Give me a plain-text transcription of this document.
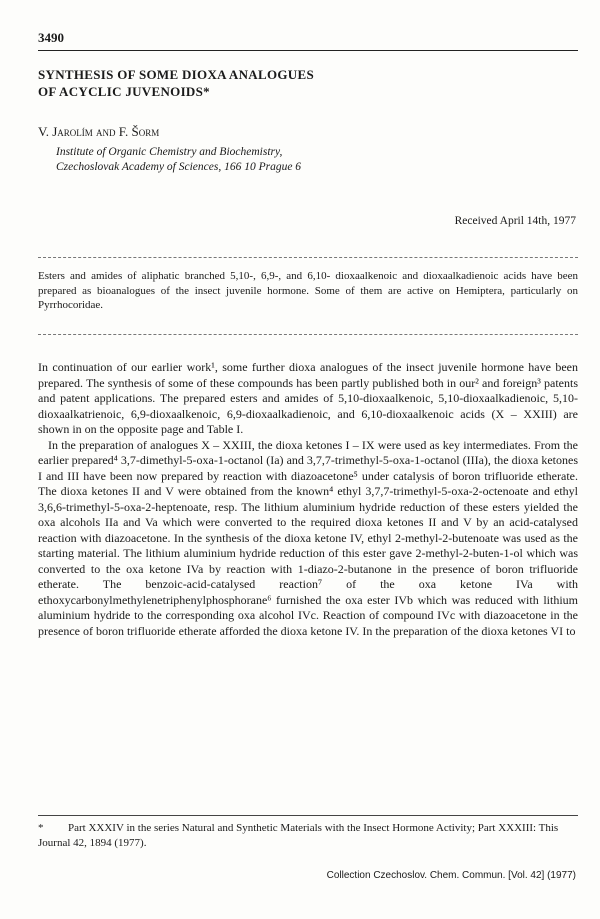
3490
SYNTHESIS OF SOME DIOXA ANALOGUES
OF ACYCLIC JUVENOIDS*
V. Jarolím and F. Šorm
Institute of Organic Chemistry and Biochemistry,
Czechoslovak Academy of Sciences, 166 10 Prague 6
Received April 14th, 1977
Esters and amides of aliphatic branched 5,10-, 6,9-, and 6,10- dioxaalkenoic and dioxaalkadienoic acids have been prepared as bioanalogues of the insect juvenile hormone. Some of them are active on Hemiptera, particularly on Pyrrhocoridae.

In continuation of our earlier work¹, some further dioxa analogues of the insect juvenile hormone have been prepared. The synthesis of some of these compounds has been partly published both in our² and foreign³ patents and patent applications. The prepared esters and amides of 5,10-dioxaalkenoic, 5,10-dioxaalkadienoic, 5,10-dioxaalkatrienoic, 6,9-dioxaalkenoic, 6,9-dioxaalkadienoic, and 6,10-dioxaalkenoic acids (X – XXIII) are shown in on the opposite page and Table I.

In the preparation of analogues X – XXIII, the dioxa ketones I – IX were used as key intermediates. From the earlier prepared⁴ 3,7-dimethyl-5-oxa-1-octanol (Ia) and 3,7,7-trimethyl-5-oxa-1-octanol (IIIa), the dioxa ketones I and III have been now prepared by reaction with diazoacetone⁵ under catalysis of boron trifluoride etherate. The dioxa ketones II and V were obtained from the known⁴ ethyl 3,7,7-trimethyl-5-oxa-2-octenoate and ethyl 3,6,6-trimethyl-5-oxa-2-heptenoate, resp. The lithium aluminium hydride reduction of these esters yielded the oxa alcohols IIa and Va which were converted to the required dioxa ketones II and V by an acid-catalysed reaction with diazoacetone. In the synthesis of the dioxa ketone IV, ethyl 2-methyl-2-butenoate was used as the starting material. The lithium aluminium hydride reduction of this ester gave 2-methyl-2-buten-1-ol which was converted to the oxa ketone IVa by reaction with 1-diazo-2-butanone in the presence of boron trifluoride etherate. The benzoic-acid-catalysed reaction⁷ of the oxa ketone IVa with ethoxycarbonylmethylenetriphenylphosphorane⁶ furnished the oxa ester IVb which was reduced with lithium aluminium hydride to the corresponding oxa alcohol IVc. Reaction of compound IVc with diazoacetone in the presence of boron trifluoride etherate afforded the dioxa ketone IV. In the preparation of the dioxa ketones VI to

* Part XXXIV in the series Natural and Synthetic Materials with the Insect Hormone Activity; Part XXXIII: This Journal 42, 1894 (1977).
Collection Czechoslov. Chem. Commun. [Vol. 42] (1977)
